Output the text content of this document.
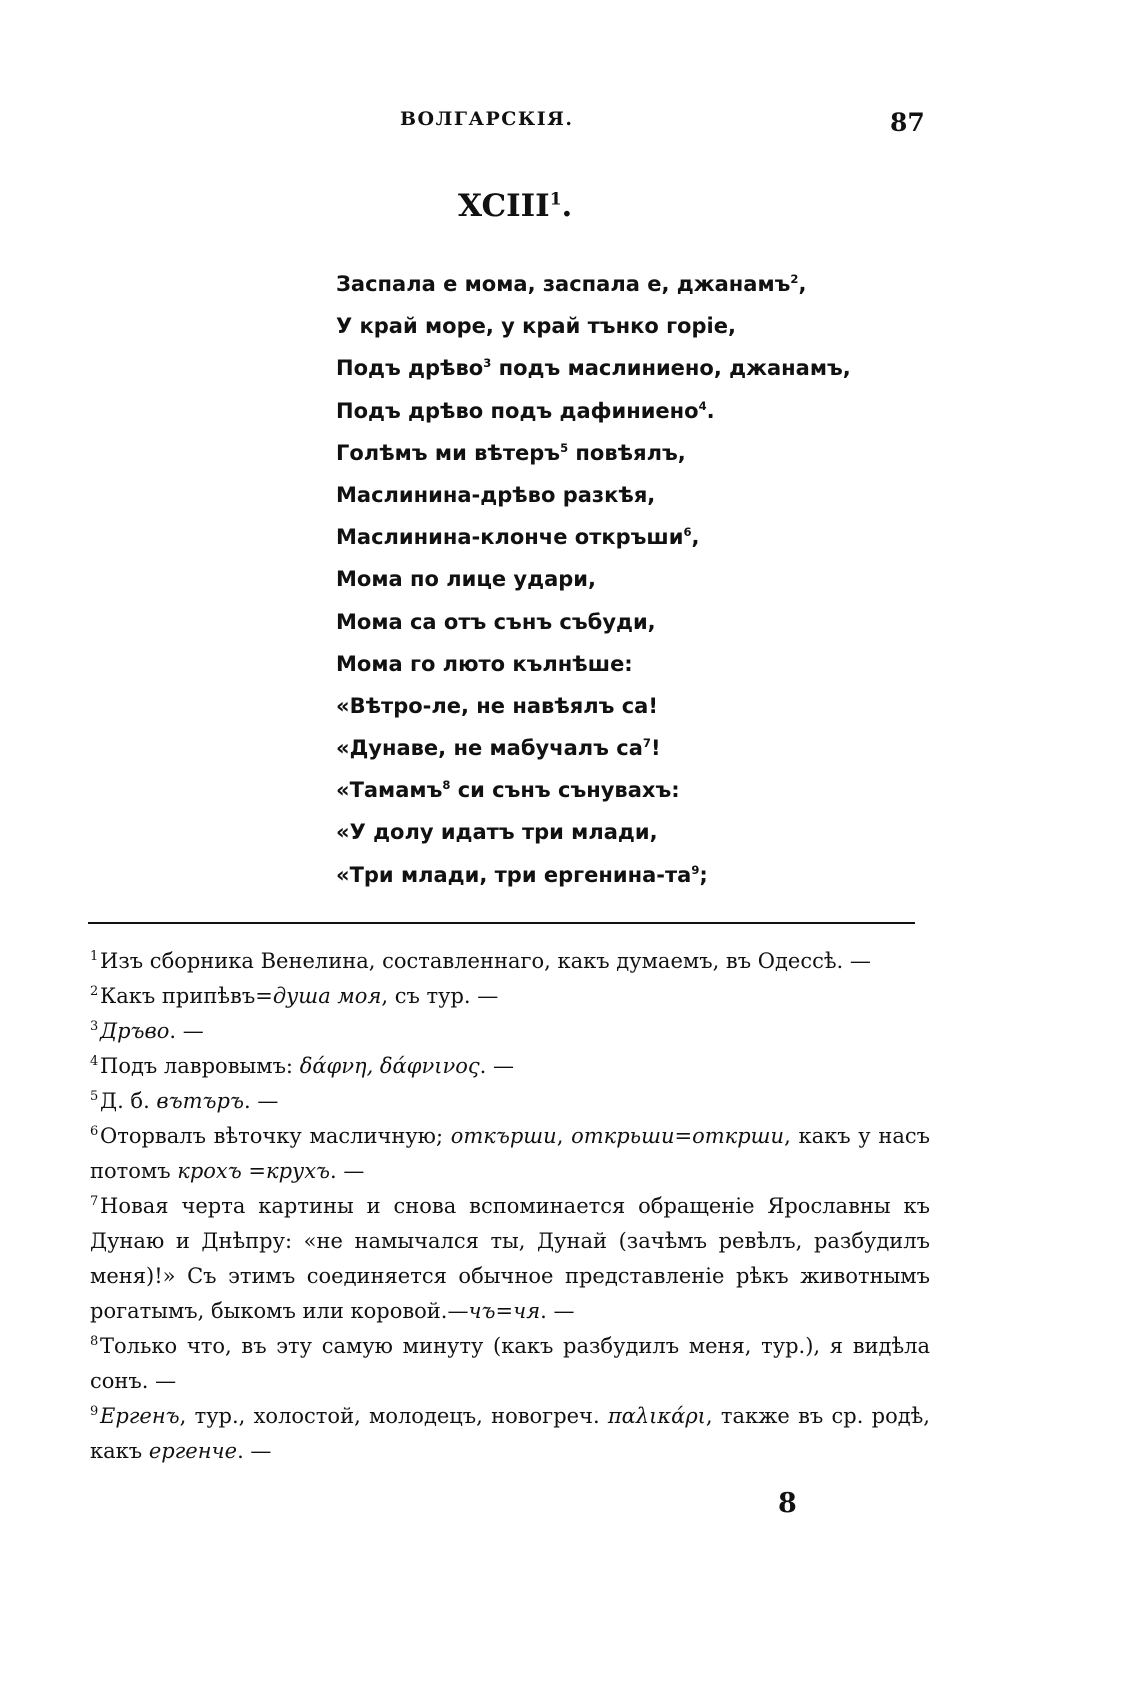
ВОЛГАРСКІЯ.	87
XCIII$^1$.
Заспала е мома, заспала е, джанамъ$^2$,
У край море, у край тънко горіе,
Подъ дрѣво$^3$ подъ маслиниено, джанамъ,
Подъ дрѣво подъ дафиниено$^4$.
Голѣмъ ми вѣтеръ$^5$ повѣялъ,
Маслинина-дрѣво разкѣя,
Маслинина-клонче откръши$^6$,
Мома по лице удари,
Мома са отъ сънъ събуди,
Мома го люто кълнѣше:
«Вѣтро-ле, не навѣялъ са!
«Дунаве, не мабучалъ $са^7$!
«Тамамъ$^8$ си сънъ сънувахъ:
«У долу идатъ три млади,
«Три млади, три ергенина-$та^9$;
1Изъ сборника Венелина, составленнаго, какъ думаемъ, въ Одессѣ. —
2Какъ припѣвъ=душа моя, съ тур. —
3Дръво. —
4Подъ лавровымъ: δάφνη, δάφνινος. —
5Д. б. вътъръ. —
6Оторвалъ вѣточку масличную; откърши, открьши=открши, какъ у насъ потомъ крохъ =крухъ. —
7Новая черта картины и снова вспоминается обращеніе Ярославны къ Дунаю и Днѣпру: «не намычался ты, Дунай (зачѣмъ ревѣлъ, разбудилъ меня)!» Съ этимъ соединяется обычное представленіе рѣкъ животнымъ рогатымъ, быкомъ или коровой.—чъ=чя. —
8Только что, въ эту самую минуту (какъ разбудилъ меня, тур.), я видѣла сонъ. —
9Ергенъ, тур., холостой, молодецъ, новогреч. παλικάρι, также въ ср. родѣ, какъ ергенче. —
8
